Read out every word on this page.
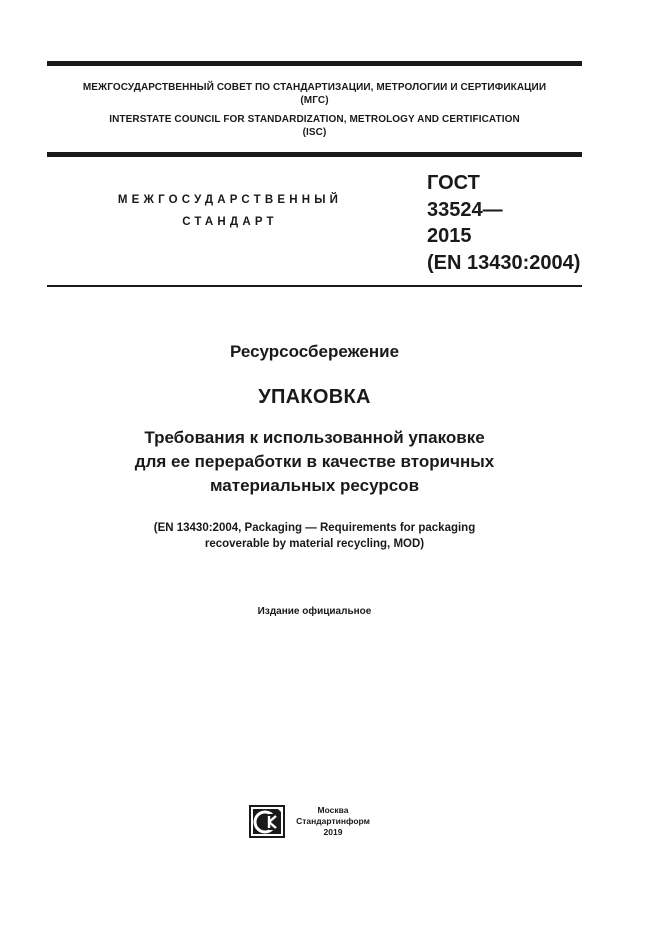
МЕЖГОСУДАРСТВЕННЫЙ СОВЕТ ПО СТАНДАРТИЗАЦИИ, МЕТРОЛОГИИ И СЕРТИФИКАЦИИ
(МГС)
INTERSTATE COUNCIL FOR STANDARDIZATION, METROLOGY AND CERTIFICATION
(ISC)
МЕЖГОСУДАРСТВЕННЫЙ
СТАНДАРТ
ГОСТ
33524—
2015
(EN 13430:2004)
Ресурсосбережение
УПАКОВКА
Требования к использованной упаковке
для ее переработки в качестве вторичных
материальных ресурсов
(EN 13430:2004, Packaging — Requirements for packaging
recoverable by material recycling, MOD)
Издание официальное
Москва
Стандартинформ
2019
